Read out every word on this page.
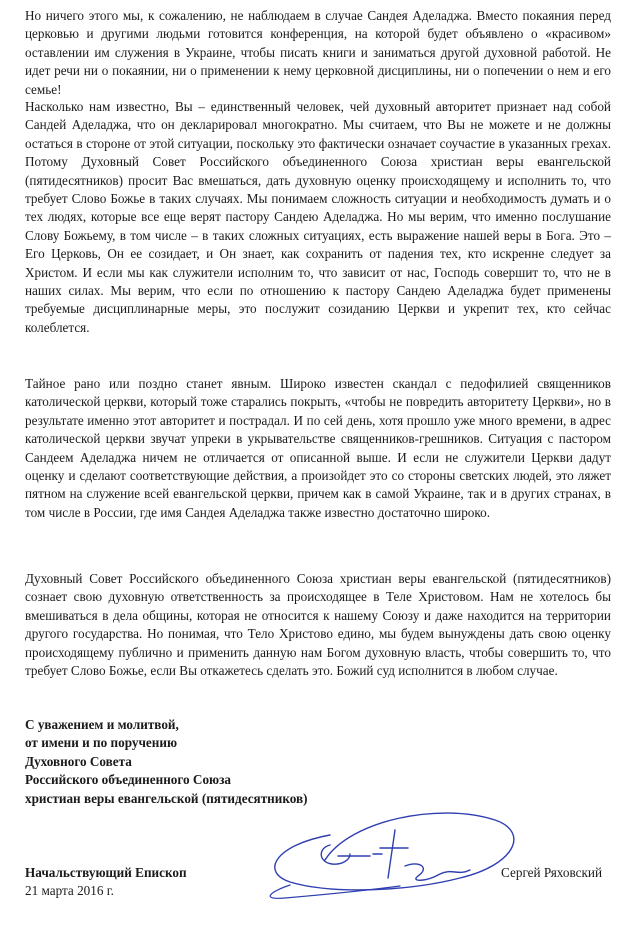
Но ничего этого мы, к сожалению, не наблюдаем в случае Сандея Аделаджа. Вместо покаяния перед церковью и другими людьми готовится конференция, на которой будет объявлено о «красивом» оставлении им служения в Украине, чтобы писать книги и заниматься другой духовной работой. Не идет речи ни о покаянии, ни о применении к нему церковной дисциплины, ни о попечении о нем и его семье!

Насколько нам известно, Вы – единственный человек, чей духовный авторитет признает над собой Сандей Аделаджа, что он декларировал многократно. Мы считаем, что Вы не можете и не должны остаться в стороне от этой ситуации, поскольку это фактически означает соучастие в указанных грехах. Потому Духовный Совет Российского объединенного Союза христиан веры евангельской (пятидесятников) просит Вас вмешаться, дать духовную оценку происходящему и исполнить то, что требует Слово Божье в таких случаях. Мы понимаем сложность ситуации и необходимость думать и о тех людях, которые все еще верят пастору Сандею Аделаджа. Но мы верим, что именно послушание Слову Божьему, в том числе – в таких сложных ситуациях, есть выражение нашей веры в Бога. Это – Его Церковь, Он ее созидает, и Он знает, как сохранить от падения тех, кто искренне следует за Христом. И если мы как служители исполним то, что зависит от нас, Господь совершит то, что не в наших силах. Мы верим, что если по отношению к пастору Сандею Аделаджа будет применены требуемые дисциплинарные меры, это послужит созиданию Церкви и укрепит тех, кто сейчас колеблется.

Тайное рано или поздно станет явным. Широко известен скандал с педофилией священников католической церкви, который тоже старались покрыть, «чтобы не повредить авторитету Церкви», но в результате именно этот авторитет и пострадал. И по сей день, хотя прошло уже много времени, в адрес католической церкви звучат упреки в укрывательстве священников-грешников. Ситуация с пастором Сандеем Аделаджа ничем не отличается от описанной выше. И если не служители Церкви дадут оценку и сделают соответствующие действия, а произойдет это со стороны светских людей, это ляжет пятном на служение всей евангельской церкви, причем как в самой Украине, так и в других странах, в том числе в России, где имя Сандея Аделаджа также известно достаточно широко.

Духовный Совет Российского объединенного Союза христиан веры евангельской (пятидесятников) сознает свою духовную ответственность за происходящее в Теле Христовом. Нам не хотелось бы вмешиваться в дела общины, которая не относится к нашему Союзу и даже находится на территории другого государства. Но понимая, что Тело Христово едино, мы будем вынуждены дать свою оценку происходящему публично и применить данную нам Богом духовную власть, чтобы совершить то, что требует Слово Божье, если Вы откажетесь сделать это. Божий суд исполнится в любом случае.

С уважением и молитвой,
от имени и по поручению
Духовного Совета
Российского объединенного Союза
христиан веры евангельской (пятидесятников)
Начальствующий Епископ
21 марта 2016 г.
Сергей Ряховский
